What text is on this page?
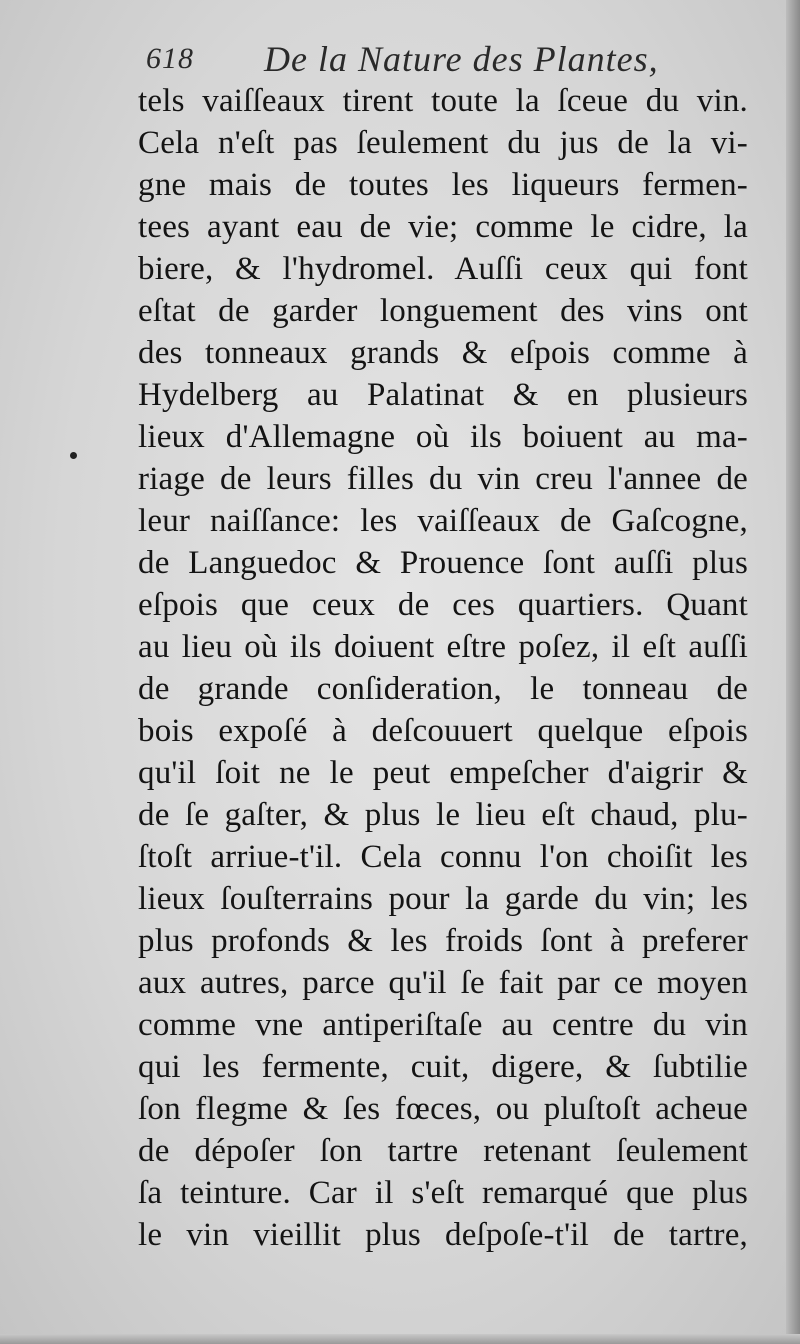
618 De la Nature des Plantes,
tels vaiſſeaux tirent toute la ſceue du vin.
Cela n'eſt pas ſeulement du jus de la vi-
gne mais de toutes les liqueurs fermen-
tees ayant eau de vie; comme le cidre, la
biere, & l'hydromel. Auſſi ceux qui font
eſtat de garder longuement des vins ont
des tonneaux grands & eſpois comme à
Hydelberg au Palatinat & en plusieurs
lieux d'Allemagne où ils boiuent au ma-
riage de leurs filles du vin creu l'annee de
leur naiſſance: les vaiſſeaux de Gaſcogne,
de Languedoc & Prouence ſont auſſi plus
eſpois que ceux de ces quartiers. Quant
au lieu où ils doiuent eſtre poſez, il eſt auſſi
de grande conſideration, le tonneau de
bois expoſé à deſcouuert quelque eſpois
qu'il ſoit ne le peut empeſcher d'aigrir &
de ſe gaſter, & plus le lieu eſt chaud, plu-
ſtoſt arriue-t'il. Cela connu l'on choiſit les
lieux ſouſterrains pour la garde du vin; les
plus profonds & les froids ſont à preferer
aux autres, parce qu'il ſe fait par ce moyen
comme vne antiperiſtaſe au centre du vin
qui les fermente, cuit, digere, & ſubtilie
ſon flegme & ſes fœces, ou pluſtoſt acheue
de dépoſer ſon tartre retenant ſeulement
ſa teinture. Car il s'eſt remarqué que plus
le vin vieillit plus deſpoſe-t'il de tartre,
